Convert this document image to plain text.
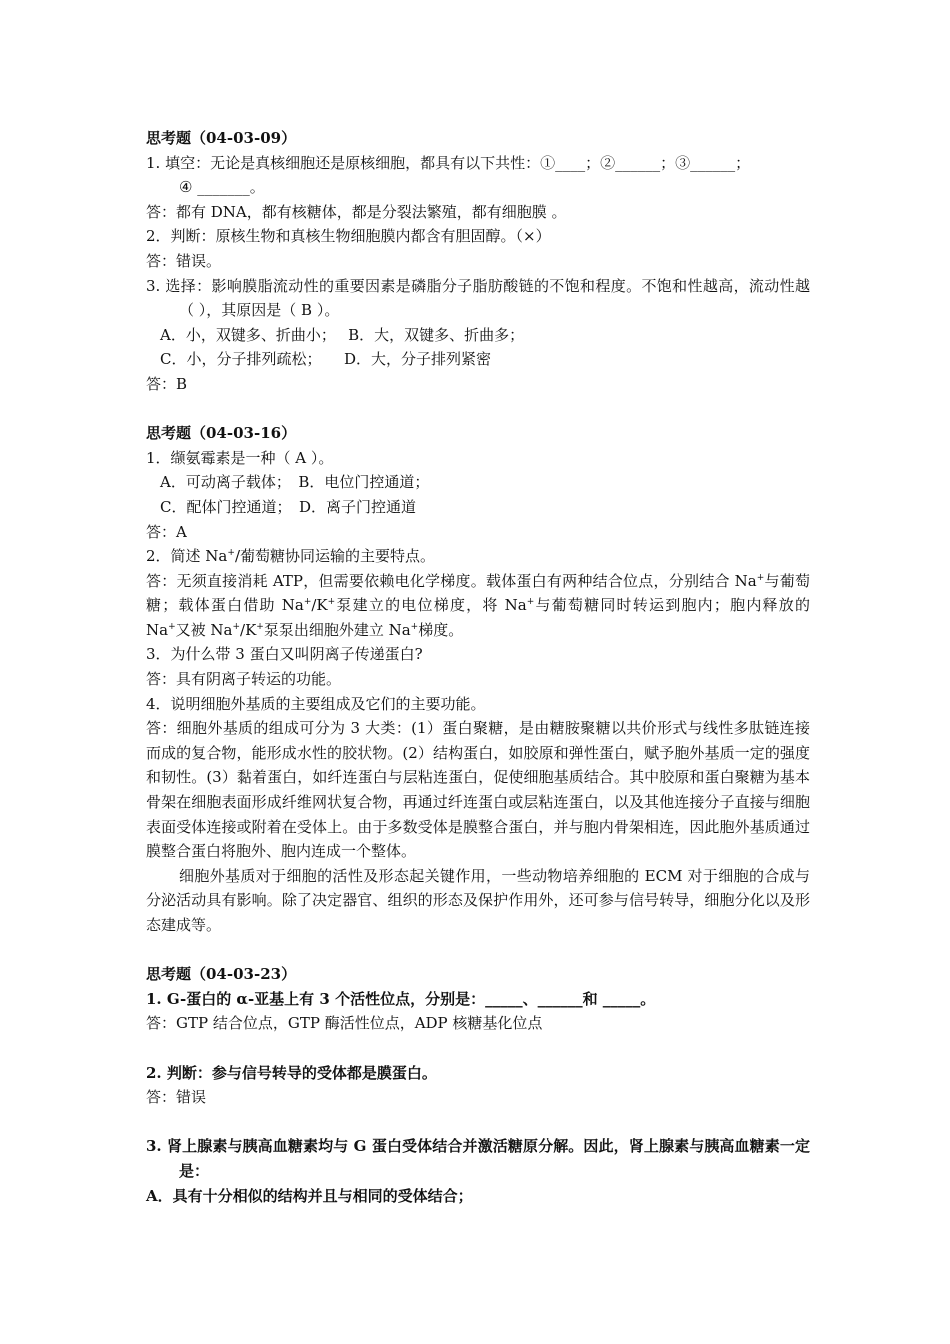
思考题（04-03-09）
1. 填空：无论是真核细胞还是原核细胞，都具有以下共性：①____；②______；③______；
④ _______。
答：都有 DNA，都有核糖体，都是分裂法繁殖，都有细胞膜 。
2．判断：原核生物和真核生物细胞膜内都含有胆固醇。（×）
答：错误。
3. 选择：影响膜脂流动性的重要因素是磷脂分子脂肪酸链的不饱和程度。不饱和性越高，流动性越（ ），其原因是（ B ）。
A．小，双键多、折曲小；　 B．大，双键多、折曲多；
C．小，分子排列疏松；　　D．大，分子排列紧密
答：B
思考题（04-03-16）
1．缬氨霉素是一种（ A ）。
A．可动离子载体；　B．电位门控通道；
C．配体门控通道；　D．离子门控通道
答：A
2．简述 Na+/葡萄糖协同运输的主要特点。
答：无须直接消耗 ATP，但需要依赖电化学梯度。载体蛋白有两种结合位点，分别结合 Na+与葡萄糖；载体蛋白借助 Na+/K+泵建立的电位梯度，将 Na+与葡萄糖同时转运到胞内；胞内释放的 Na+又被 Na+/K+泵泵出细胞外建立 Na+梯度。
3．为什么带 3 蛋白又叫阴离子传递蛋白?
答：具有阴离子转运的功能。
4．说明细胞外基质的主要组成及它们的主要功能。
答：细胞外基质的组成可分为 3 大类：(1）蛋白聚糖，是由糖胺聚糖以共价形式与线性多肽链连接而成的复合物，能形成水性的胶状物。(2）结构蛋白，如胶原和弹性蛋白，赋予胞外基质一定的强度和韧性。(3）黏着蛋白，如纤连蛋白与层粘连蛋白，促使细胞基质结合。其中胶原和蛋白聚糖为基本骨架在细胞表面形成纤维网状复合物，再通过纤连蛋白或层粘连蛋白，以及其他连接分子直接与细胞表面受体连接或附着在受体上。由于多数受体是膜整合蛋白，并与胞内骨架相连，因此胞外基质通过膜整合蛋白将胞外、胞内连成一个整体。
细胞外基质对于细胞的活性及形态起关键作用，一些动物培养细胞的 ECM 对于细胞的合成与分泌活动具有影响。除了决定器官、组织的形态及保护作用外，还可参与信号转导，细胞分化以及形态建成等。
思考题（04-03-23）
1. G-蛋白的 α-亚基上有 3 个活性位点，分别是：_____、______和 _____。
答：GTP 结合位点，GTP 酶活性位点，ADP 核糖基化位点
2. 判断：参与信号转导的受体都是膜蛋白。
答：错误
3. 肾上腺素与胰高血糖素均与 G 蛋白受体结合并激活糖原分解。因此，肾上腺素与胰高血糖素一定是：
A．具有十分相似的结构并且与相同的受体结合；
